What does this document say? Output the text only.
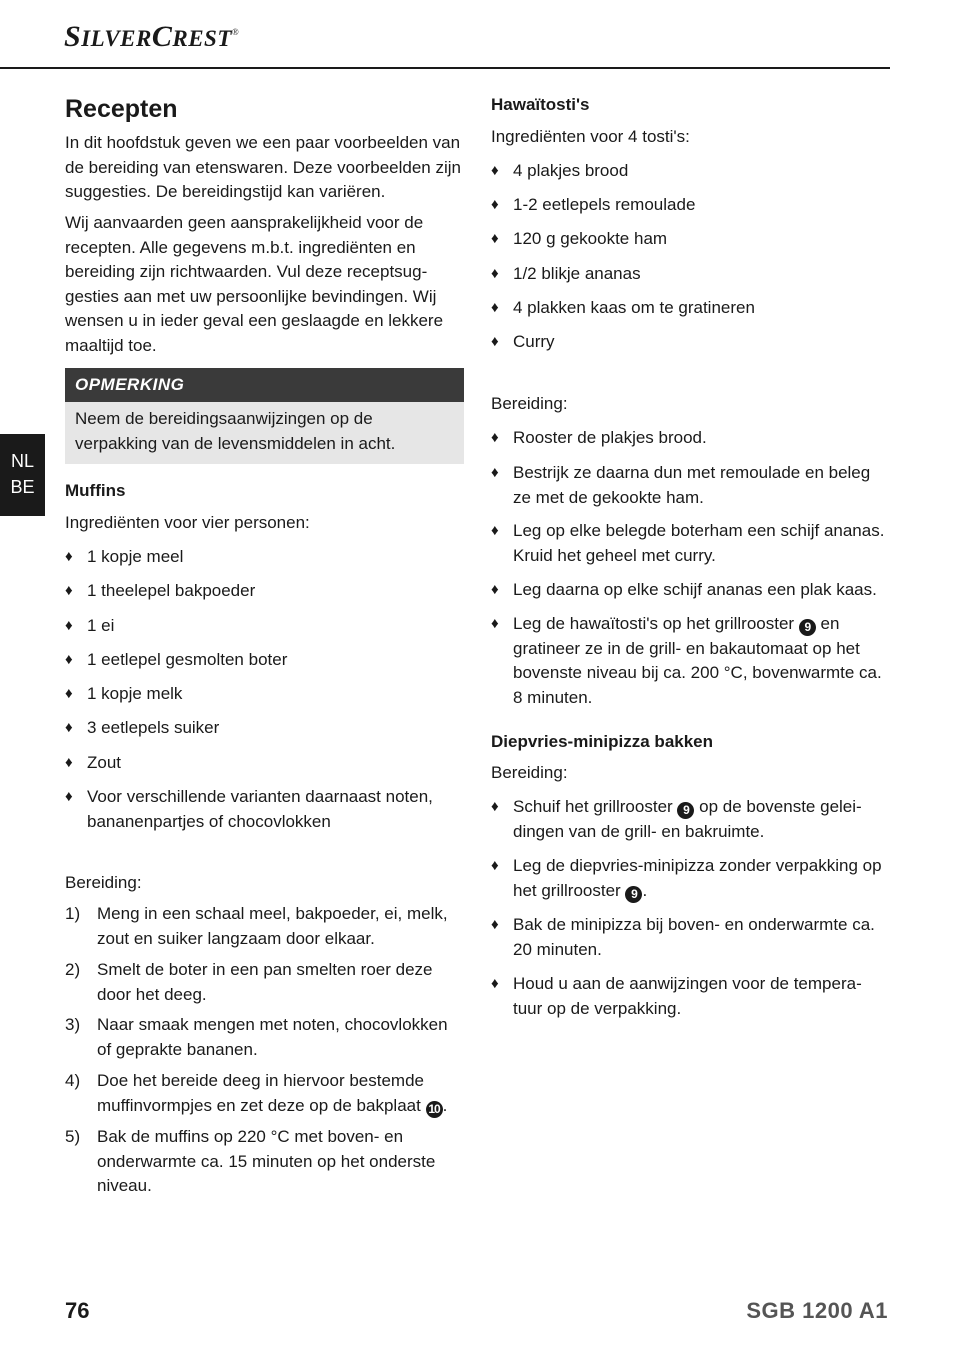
SILVERCREST®
NL
BE
Recepten

In dit hoofdstuk geven we een paar voorbeelden van de bereiding van etenswaren. Deze voorbeelden zijn suggesties. De bereidingstijd kan variëren.

Wij aanvaarden geen aansprakelijkheid voor de recepten. Alle gegevens m.b.t. ingrediënten en bereiding zijn richtwaarden. Vul deze receptsug-gesties aan met uw persoonlijke bevindingen. Wij wensen u in ieder geval een geslaagde en lekkere maaltijd toe.

OPMERKING
Neem de bereidingsaanwijzingen op de verpakking van de levensmiddelen in acht.

Muffins

Ingrediënten voor vier personen:

♦ 1 kopje meel
♦ 1 theelepel bakpoeder
♦ 1 ei
♦ 1 eetlepel gesmolten boter
♦ 1 kopje melk
♦ 3 eetlepels suiker
♦ Zout
♦ Voor verschillende varianten daarnaast noten, bananenpartjes of chocovlokken

Bereiding:

1) Meng in een schaal meel, bakpoeder, ei, melk, zout en suiker langzaam door elkaar.
2) Smelt de boter in een pan smelten roer deze door het deeg.
3) Naar smaak mengen met noten, chocovlokken of geprakte bananen.
4) Doe het bereide deeg in hiervoor bestemde muffinvormpjes en zet deze op de bakplaat 10 .
5) Bak de muffins op 220 °C met boven- en onderwarmte ca. 15 minuten op het onderste niveau.

Hawaïtosti's

Ingrediënten voor 4 tosti's:

♦ 4 plakjes brood
♦ 1-2 eetlepels remoulade
♦ 120 g gekookte ham
♦ 1/2 blikje ananas
♦ 4 plakken kaas om te gratineren
♦ Curry

Bereiding:

♦ Rooster de plakjes brood.
♦ Bestrijk ze daarna dun met remoulade en beleg ze met de gekookte ham.
♦ Leg op elke belegde boterham een schijf ananas. Kruid het geheel met curry.
♦ Leg daarna op elke schijf ananas een plak kaas.
♦ Leg de hawaïtosti's op het grillrooster 9 en gratineer ze in de grill- en bakautomaat op het bovenste niveau bij ca. 200 °C, bovenwarmte ca. 8 minuten.

Diepvries-minipizza bakken

Bereiding:

♦ Schuif het grillrooster 9 op de bovenste gelei-dingen van de grill- en bakruimte.
♦ Leg de diepvries-minipizza zonder verpakking op het grillrooster 9 .
♦ Bak de minipizza bij boven- en onderwarmte ca. 20 minuten.
♦ Houd u aan de aanwijzingen voor de tempera-tuur op de verpakking.
76	SGB 1200 A1
